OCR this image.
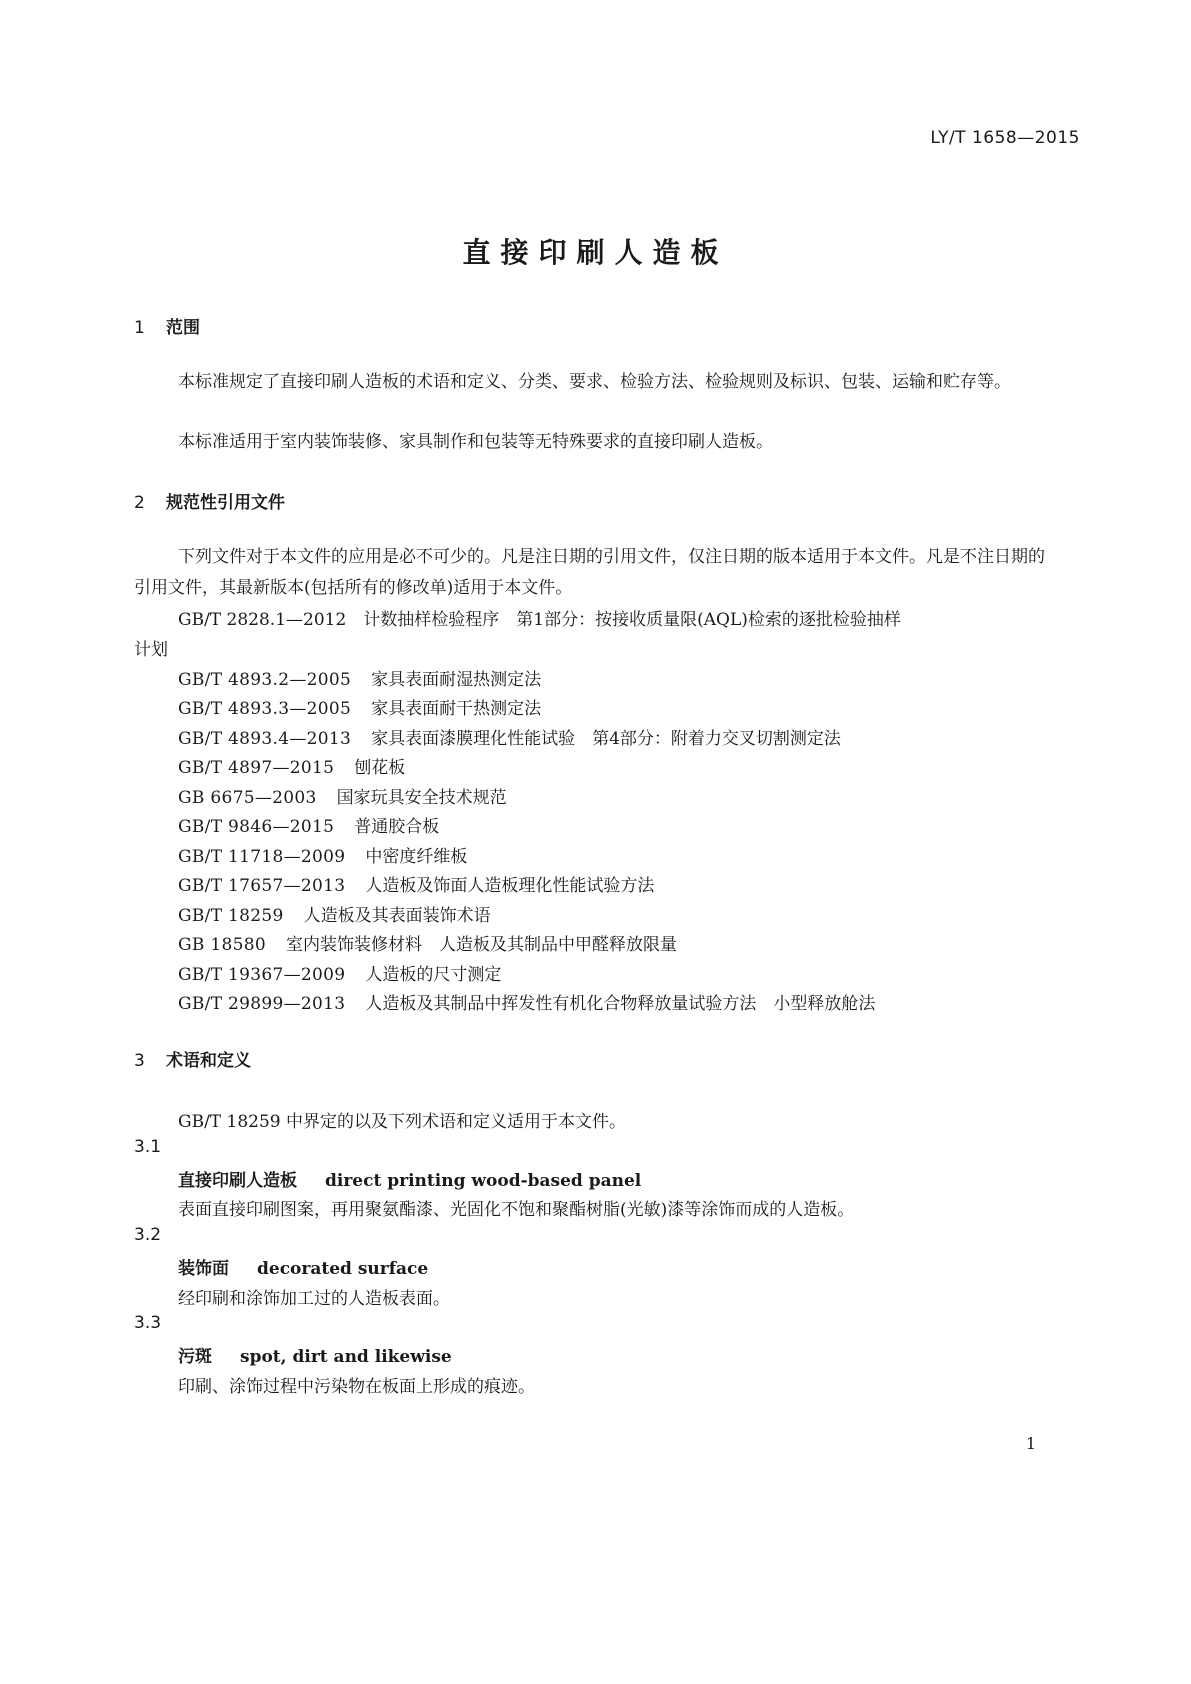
LY/T 1658—2015
直接印刷人造板
1 范围
本标准规定了直接印刷人造板的术语和定义、分类、要求、检验方法、检验规则及标识、包装、运输和贮存等。
本标准适用于室内装饰装修、家具制作和包装等无特殊要求的直接印刷人造板。
2 规范性引用文件
下列文件对于本文件的应用是必不可少的。凡是注日期的引用文件，仅注日期的版本适用于本文件。凡是不注日期的引用文件，其最新版本(包括所有的修改单)适用于本文件。
GB/T 2828.1—2012　计数抽样检验程序　第1部分：按接收质量限(AQL)检索的逐批检验抽样
计划
GB/T 4893.2—2005 家具表面耐湿热测定法
GB/T 4893.3—2005 家具表面耐干热测定法
GB/T 4893.4—2013 家具表面漆膜理化性能试验　第4部分：附着力交叉切割测定法
GB/T 4897—2015 刨花板
GB 6675—2003 国家玩具安全技术规范
GB/T 9846—2015 普通胶合板
GB/T 11718—2009 中密度纤维板
GB/T 17657—2013 人造板及饰面人造板理化性能试验方法
GB/T 18259 人造板及其表面装饰术语
GB 18580 室内装饰装修材料　人造板及其制品中甲醛释放限量
GB/T 19367—2009 人造板的尺寸测定
GB/T 29899—2013 人造板及其制品中挥发性有机化合物释放量试验方法　小型释放舱法
3 术语和定义
GB/T 18259 中界定的以及下列术语和定义适用于本文件。
3.1
直接印刷人造板 direct printing wood-based panel
表面直接印刷图案，再用聚氨酯漆、光固化不饱和聚酯树脂(光敏)漆等涂饰而成的人造板。
3.2
装饰面 decorated surface
经印刷和涂饰加工过的人造板表面。
3.3
污斑 spot, dirt and likewise
印刷、涂饰过程中污染物在板面上形成的痕迹。
1
